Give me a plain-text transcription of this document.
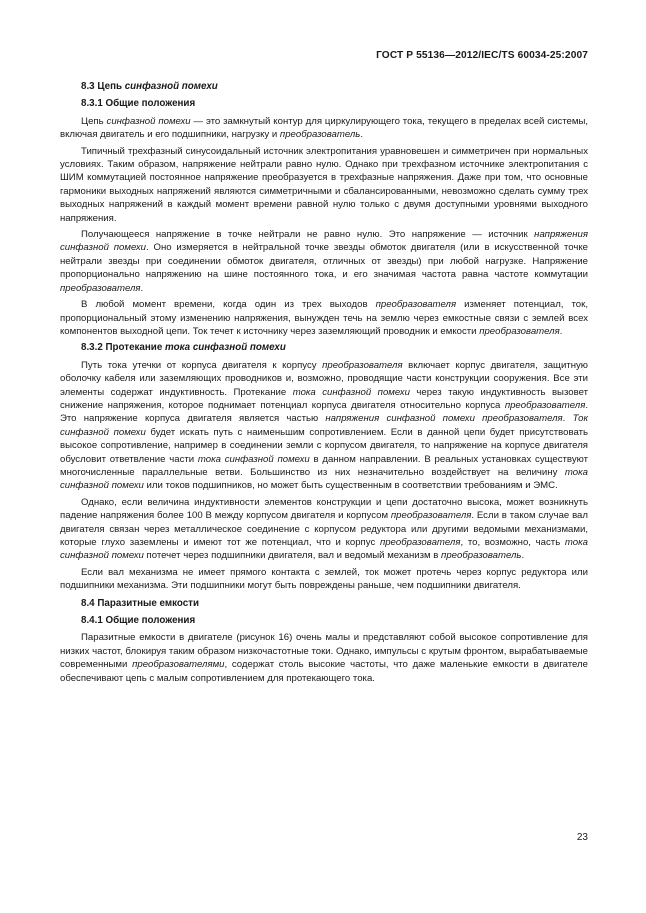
ГОСТ Р 55136—2012/IEC/TS 60034-25:2007
8.3 Цепь синфазной помехи
8.3.1 Общие положения

Цепь синфазной помехи — это замкнутый контур для циркулирующего тока, текущего в пределах всей системы, включая двигатель и его подшипники, нагрузку и преобразователь.

Типичный трехфазный синусоидальный источник электропитания уравновешен и симметричен при нормальных условиях. Таким образом, напряжение нейтрали равно нулю. Однако при трехфазном источнике электропитания с ШИМ коммутацией постоянное напряжение преобразуется в трехфазные напряжения. Даже при том, что основные гармоники выходных напряжений являются симметричными и сбалансированными, невозможно сделать сумму трех выходных напряжений в каждый момент времени равной нулю только с двумя доступными уровнями выходного напряжения.

Получающееся напряжение в точке нейтрали не равно нулю. Это напряжение — источник напряжения синфазной помехи. Оно измеряется в нейтральной точке звезды обмоток двигателя (или в искусственной точке нейтрали звезды при соединении обмоток двигателя, отличных от звезды) при любой нагрузке. Напряжение пропорционально напряжению на шине постоянного тока, и его значимая частота равна частоте коммутации преобразователя.

В любой момент времени, когда один из трех выходов преобразователя изменяет потенциал, ток, пропорциональный этому изменению напряжения, вынужден течь на землю через емкостные связи с землей всех компонентов выходной цепи. Ток течет к источнику через заземляющий проводник и емкости преобразователя.

8.3.2 Протекание тока синфазной помехи

Путь тока утечки от корпуса двигателя к корпусу преобразователя включает корпус двигателя, защитную оболочку кабеля или заземляющих проводников и, возможно, проводящие части конструкции сооружения. Все эти элементы содержат индуктивность. Протекание тока синфазной помехи через такую индуктивность вызовет снижение напряжения, которое поднимает потенциал корпуса двигателя относительно корпуса преобразователя. Это напряжение корпуса двигателя является частью напряжения синфазной помехи преобразователя. Ток синфазной помехи будет искать путь с наименьшим сопротивлением. Если в данной цепи будет присутствовать высокое сопротивление, например в соединении земли с корпусом двигателя, то напряжение на корпусе двигателя обусловит ответвление части тока синфазной помехи в данном направлении. В реальных установках существуют многочисленные параллельные ветви. Большинство из них незначительно воздействует на величину тока синфазной помехи или токов подшипников, но может быть существенным в соответствии требованиям и ЭМС.

Однако, если величина индуктивности элементов конструкции и цепи достаточно высока, может возникнуть падение напряжения более 100 В между корпусом двигателя и корпусом преобразователя. Если в таком случае вал двигателя связан через металлическое соединение с корпусом редуктора или другими ведомыми механизмами, которые глухо заземлены и имеют тот же потенциал, что и корпус преобразователя, то, возможно, часть тока синфазной помехи потечет через подшипники двигателя, вал и ведомый механизм в преобразователь.

Если вал механизма не имеет прямого контакта с землей, ток может протечь через корпус редуктора или подшипники механизма. Эти подшипники могут быть повреждены раньше, чем подшипники двигателя.

8.4 Паразитные емкости
8.4.1 Общие положения

Паразитные емкости в двигателе (рисунок 16) очень малы и представляют собой высокое сопротивление для низких частот, блокируя таким образом низкочастотные токи. Однако, импульсы с крутым фронтом, вырабатываемые современными преобразователями, содержат столь высокие частоты, что даже маленькие емкости в двигателе обеспечивают цепь с малым сопротивлением для протекающего тока.

23
